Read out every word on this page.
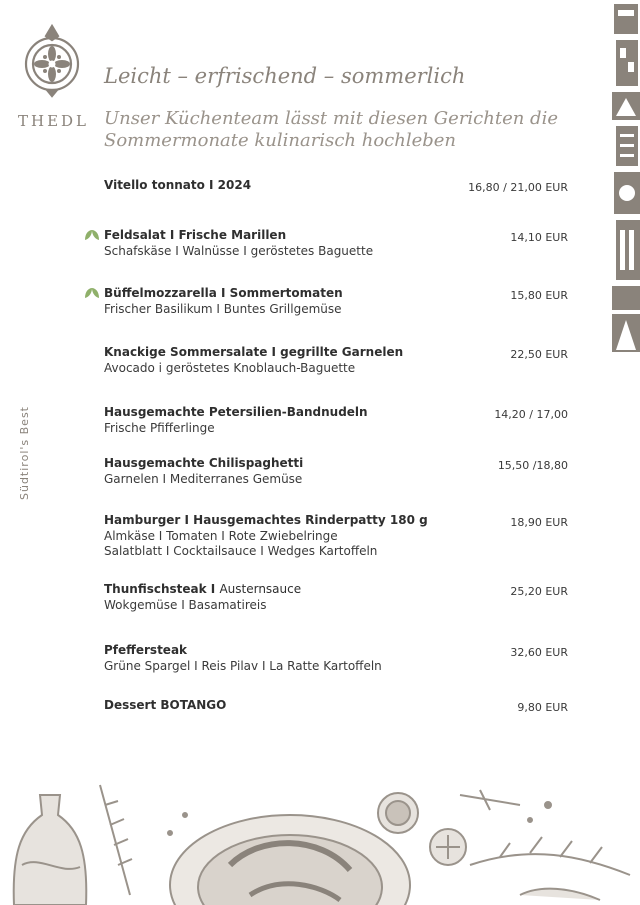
THEDL
Leicht – erfrischend – sommerlich
Unser Küchenteam lässt mit diesen Gerichten die
Sommermonate kulinarisch hochleben
Südtirol's Best
Vitello tonnato I 2024	16,80 / 21,00 EUR
Feldsalat I Frische Marillen
Schafskäse I Walnüsse I geröstetes Baguette
14,10 EUR
Büffelmozzarella I Sommertomaten
Frischer Basilikum I Buntes Grillgemüse
15,80 EUR
Knackige Sommersalate I gegrillte Garnelen
Avocado i geröstetes Knoblauch-Baguette
22,50 EUR
Hausgemachte Petersilien-Bandnudeln
Frische Pfifferlinge
14,20 / 17,00
Hausgemachte Chilispaghetti
Garnelen I Mediterranes Gemüse
15,50 /18,80
Hamburger I Hausgemachtes Rinderpatty 180 g
Almkäse I Tomaten I Rote Zwiebelringe
Salatblatt I Cocktailsauce I Wedges Kartoffeln
18,90 EUR
Thunfischsteak I Austernsauce
Wokgemüse I Basamatireis
25,20 EUR
Pfeffersteak
Grüne Spargel I Reis Pilav I La Ratte Kartoffeln
32,60 EUR
Dessert BOTANGO	9,80 EUR
